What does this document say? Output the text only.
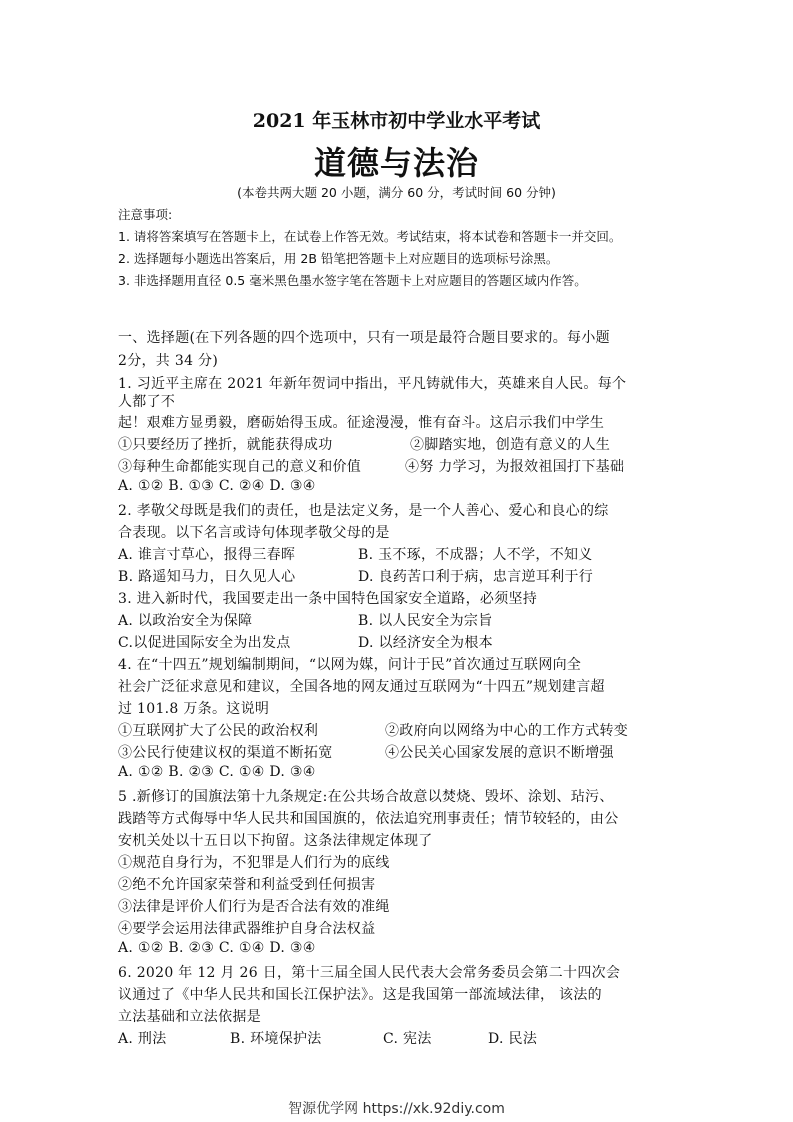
2021 年玉林市初中学业水平考试
道德与法治
(本卷共两大题 20 小题，满分 60 分，考试时间 60 分钟)
注意事项:
1. 请将答案填写在答题卡上，在试卷上作答无效。考试结束，将本试卷和答题卡一并交回。
2. 选择题每小题选出答案后，用 2B 铅笔把答题卡上对应题目的选项标号涂黑。
3. 非选择题用直径 0.5 毫米黑色墨水签字笔在答题卡上对应题目的答题区域内作答。
一、选择题(在下列各题的四个选项中，只有一项是最符合题目要求的。每小题
2分，共 34 分)
1. 习近平主席在 2021 年新年贺词中指出，平凡铸就伟大，英雄来自人民。每个
人都了不
起！艰难方显勇毅，磨砺始得玉成。征途漫漫，惟有奋斗。这启示我们中学生
①只要经历了挫折，就能获得成功	②脚踏实地，创造有意义的人生
③每种生命都能实现自己的意义和价值	④努 力学习，为报效祖国打下基础
A. ①② B. ①③ C. ②④ D. ③④
2. 孝敬父母既是我们的责任，也是法定义务，是一个人善心、爱心和良心的综
合表现。以下名言或诗句体现孝敬父母的是
A. 谁言寸草心，报得三春晖	B. 玉不琢，不成器；人不学，不知义
B. 路遥知马力，日久见人心	D. 良药苦口利于病，忠言逆耳利于行
3. 进入新时代，我国要走出一条中国特色国家安全道路，必须坚持
A. 以政治安全为保障	B. 以人民安全为宗旨
C.以促进国际安全为出发点	D. 以经济安全为根本
4. 在“十四五”规划编制期间，“以网为媒，问计于民”首次通过互联网向全
社会广泛征求意见和建议，全国各地的网友通过互联网为“十四五”规划建言超
过 101.8 万条。这说明
①互联网扩大了公民的政治权利	②政府向以网络为中心的工作方式转变
③公民行使建议权的渠道不断拓宽	④公民关心国家发展的意识不断增强
A. ①② B. ②③ C. ①④ D. ③④
5 .新修订的国旗法第十九条规定:在公共场合故意以焚烧、毁坏、涂划、玷污、
践踏等方式侮辱中华人民共和国国旗的，依法追究刑事责任；情节较轻的，由公
安机关处以十五日以下拘留。这条法律规定体现了
①规范自身行为，不犯罪是人们行为的底线
②绝不允许国家荣誉和利益受到任何损害
③法律是评价人们行为是否合法有效的准绳
④要学会运用法律武器维护自身合法权益
A. ①② B. ②③ C. ①④ D. ③④
6. 2020 年 12 月 26 日，第十三届全国人民代表大会常务委员会第二十四次会
议通过了《中华人民共和国长江保护法》。这是我国第一部流域法律， 该法的
立法基础和立法依据是
A. 刑法	B. 环境保护法	C. 宪法	D. 民法
智源优学网 https://xk.92diy.com
